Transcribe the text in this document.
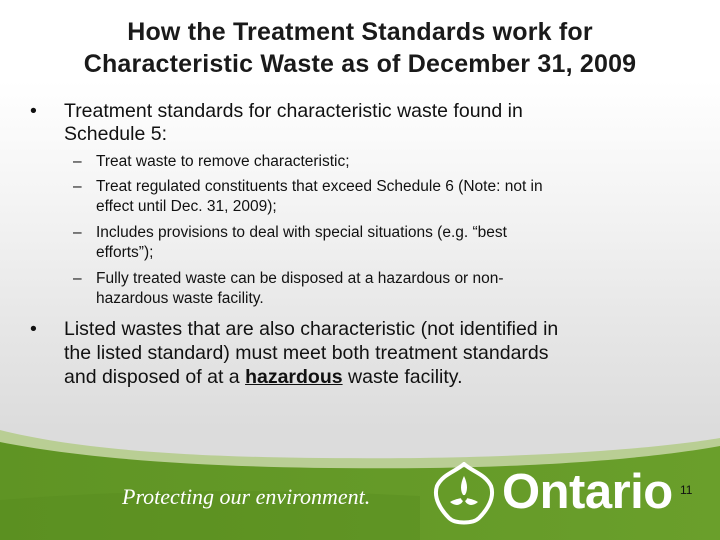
How the Treatment Standards work for
Characteristic Waste as of December 31, 2009
• Treatment standards for characteristic waste found in
Schedule 5:
– Treat waste to remove characteristic;
– Treat regulated constituents that exceed Schedule 6 (Note: not in
effect until Dec. 31, 2009);
– Includes provisions to deal with special situations (e.g. “best
efforts”);
– Fully treated waste can be disposed at a hazardous or non-
hazardous waste facility.
• Listed wastes that are also characteristic (not identified in
the listed standard) must meet both treatment standards
and disposed of at a hazardous waste facility.
Protecting our environment.	Ontario 11
